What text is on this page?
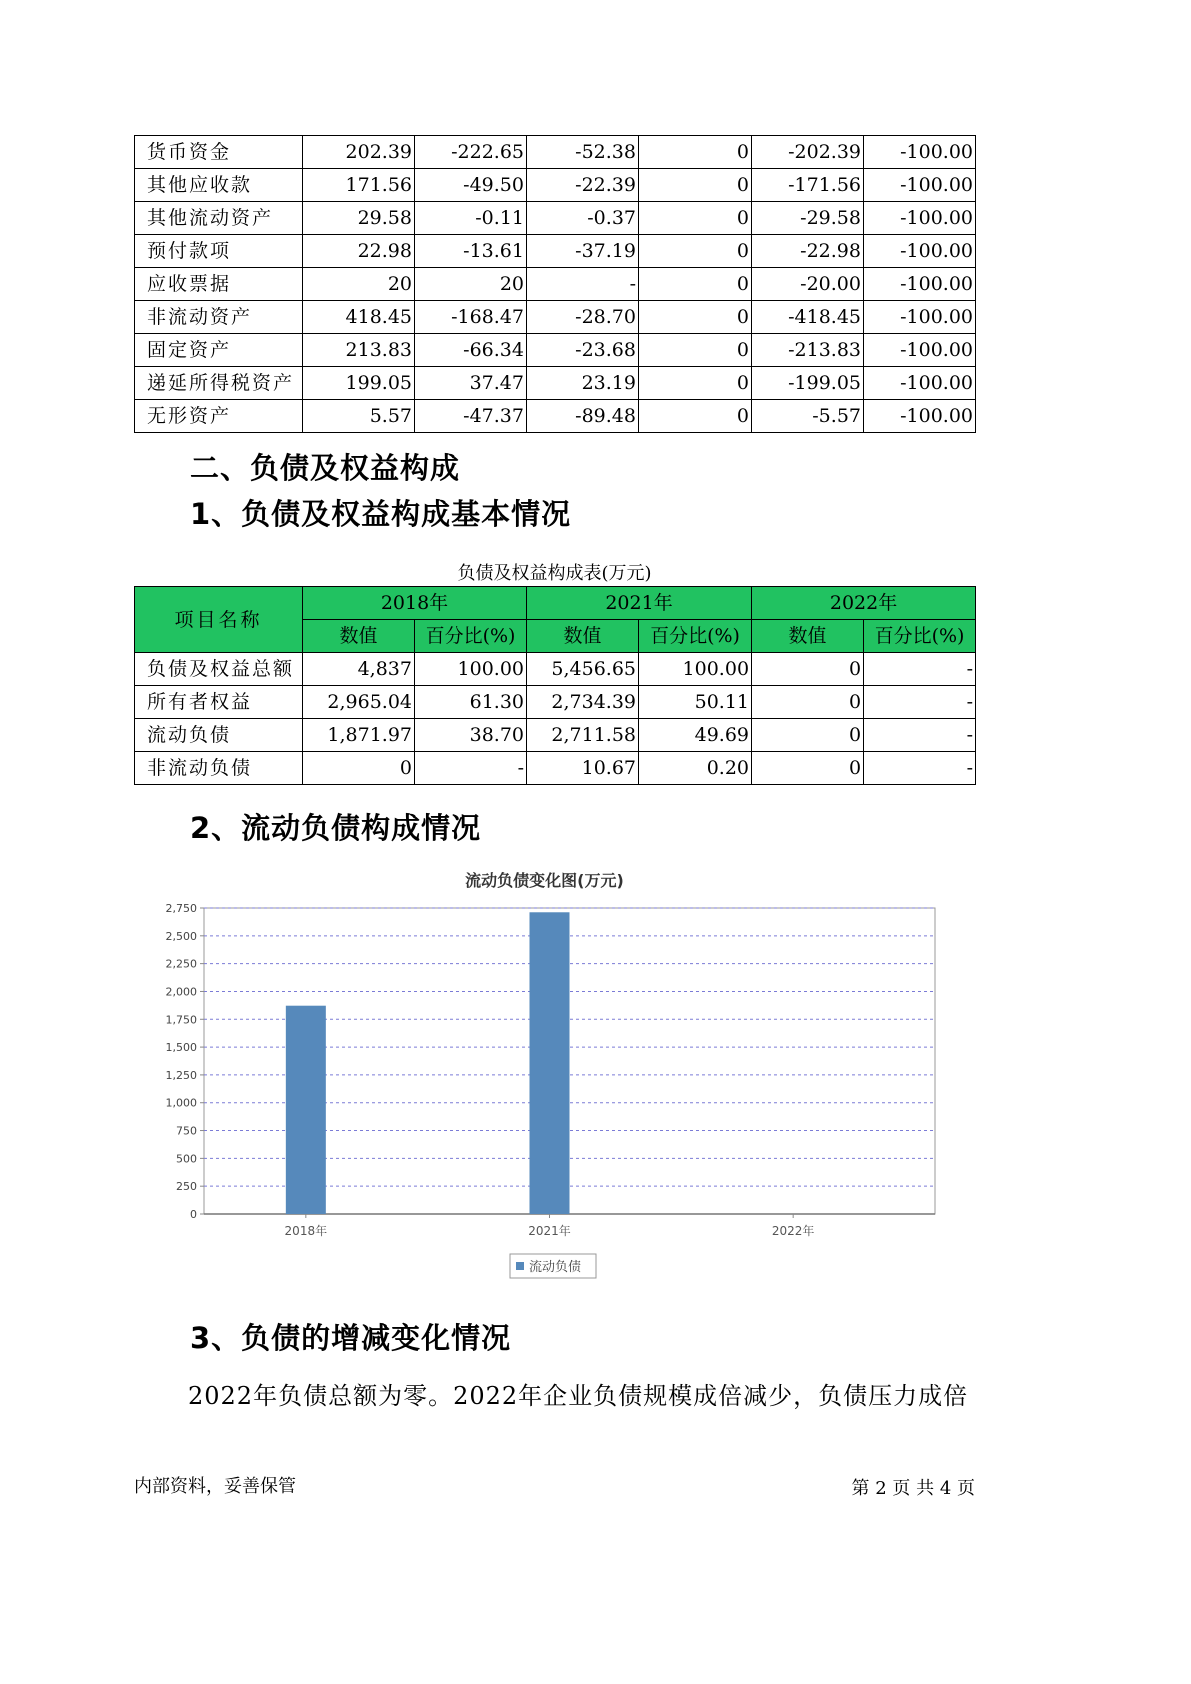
货币资金	202.39	-222.65	-52.38	0	-202.39	-100.00
其他应收款	171.56	-49.50	-22.39	0	-171.56	-100.00
其他流动资产	29.58	-0.11	-0.37	0	-29.58	-100.00
预付款项	22.98	-13.61	-37.19	0	-22.98	-100.00
应收票据	20	20	-	0	-20.00	-100.00
非流动资产	418.45	-168.47	-28.70	0	-418.45	-100.00
固定资产	213.83	-66.34	-23.68	0	-213.83	-100.00
递延所得税资产	199.05	37.47	23.19	0	-199.05	-100.00
无形资产	5.57	-47.37	-89.48	0	-5.57	-100.00
二、负债及权益构成
1、负债及权益构成基本情况
负债及权益构成表(万元)
项目名称	2018年		2021年		2022年	
	数值	百分比(%)	数值	百分比(%)	数值	百分比(%)
负债及权益总额	4,837	100.00	5,456.65	100.00	0	-
所有者权益	2,965.04	61.30	2,734.39	50.11	0	-
流动负债	1,871.97	38.70	2,711.58	49.69	0	-
非流动负债	0	-	10.67	0.20	0	-
2、流动负债构成情况
流动负债变化图(万元)
0
250
500
750
1,000
1,250
1,500
1,750
2,000
2,250
2,500
2,750
2018年	2021年	2022年
流动负债
3、负债的增减变化情况
2022年负债总额为零。2022年企业负债规模成倍减少，负债压力成倍
内部资料，妥善保管	第 2 页 共 4 页
